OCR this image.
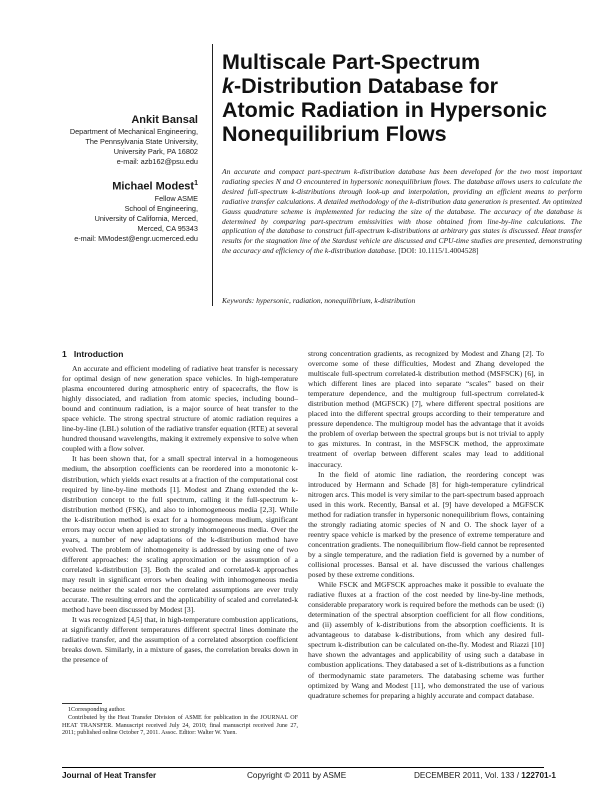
Multiscale Part-Spectrum
k-Distribution Database for
Atomic Radiation in Hypersonic
Nonequilibrium Flows
Ankit Bansal
Department of Mechanical Engineering,
The Pennsylvania State University,
University Park, PA 16802
e-mail: azb162@psu.edu
Michael Modest$^1$
Fellow ASME
School of Engineering,
University of California, Merced,
Merced, CA 95343
e-mail: MModest@engr.ucmerced.edu
An accurate and compact part-spectrum k-distribution database has been developed for the two most important radiating species N and O encountered in hypersonic nonequilibrium flows. The database allows users to calculate the desired full-spectrum k-distributions through look-up and interpolation, providing an efficient means to perform radiative transfer calculations. A detailed methodology of the k-distribution data generation is presented. An optimized Gauss quadrature scheme is implemented for reducing the size of the database. The accuracy of the database is determined by comparing part-spectrum emissivities with those obtained from line-by-line calculations. The application of the database to construct full-spectrum k-distributions at arbitrary gas states is discussed. Heat transfer results for the stagnation line of the Stardust vehicle are discussed and CPU-time studies are presented, demonstrating the accuracy and efficiency of the k-distribution database. [DOI: 10.1115/1.4004528]
Keywords: hypersonic, radiation, nonequilibrium, k-distribution
1 Introduction

An accurate and efficient modeling of radiative heat transfer is necessary for optimal design of new generation space vehicles. In high-temperature plasma encountered during atmospheric entry of spacecrafts, the flow is highly dissociated, and radiation from atomic species, including bound–bound and continuum radiation, is a major source of heat transfer to the space vehicle. The strong spectral structure of atomic radiation requires a line-by-line (LBL) solution of the radiative transfer equation (RTE) at several hundred thousand wavelengths, making it extremely expensive to solve when coupled with a flow solver.

It has been shown that, for a small spectral interval in a homogeneous medium, the absorption coefficients can be reordered into a monotonic k-distribution, which yields exact results at a fraction of the computational cost required by line-by-line methods [1]. Modest and Zhang extended the k-distribution concept to the full spectrum, calling it the full-spectrum k-distribution method (FSK), and also to inhomogeneous media [2,3]. While the k-distribution method is exact for a homogeneous medium, significant errors may occur when applied to strongly inhomogeneous media. Over the years, a number of new adaptations of the k-distribution method have evolved. The problem of inhomogeneity is addressed by using one of two different approaches: the scaling approximation or the assumption of a correlated k-distribution [3]. Both the scaled and correlated-k approaches may result in significant errors when dealing with inhomogeneous media because neither the scaled nor the correlated assumptions are ever truly accurate. The resulting errors and the applicability of scaled and correlated-k method have been discussed by Modest [3].

It was recognized [4,5] that, in high-temperature combustion applications, at significantly different temperatures different spectral lines dominate the radiative transfer, and the assumption of a correlated absorption coefficient breaks down. Similarly, in a mixture of gases, the correlation breaks down in the presence of

strong concentration gradients, as recognized by Modest and Zhang [2]. To overcome some of these difficulties, Modest and Zhang developed the multiscale full-spectrum correlated-k distribution method (MSFSCK) [6], in which different lines are placed into separate “scales” based on their temperature dependence, and the multigroup full-spectrum correlated-k distribution method (MGFSCK) [7], where different spectral positions are placed into the different spectral groups according to their temperature and pressure dependence. The multigroup model has the advantage that it avoids the problem of overlap between the spectral groups but is not trivial to apply to gas mixtures. In contrast, in the MSFSCK method, the approximate treatment of overlap between different scales may lead to additional inaccuracy.

In the field of atomic line radiation, the reordering concept was introduced by Hermann and Schade [8] for high-temperature cylindrical nitrogen arcs. This model is very similar to the part-spectrum based approach used in this work. Recently, Bansal et al. [9] have developed a MGFSCK method for radiation transfer in hypersonic nonequilibrium flows, containing the strongly radiating atomic species of N and O. The shock layer of a reentry space vehicle is marked by the presence of extreme temperature and concentration gradients. The nonequilibrium flow-field cannot be represented by a single temperature, and the radiation field is governed by a number of collisional processes. Bansal et al. have discussed the various challenges posed by these extreme conditions.

While FSCK and MGFSCK approaches make it possible to evaluate the radiative fluxes at a fraction of the cost needed by line-by-line methods, considerable preparatory work is required before the methods can be used: (i) determination of the spectral absorption coefficient for all flow conditions, and (ii) assembly of k-distributions from the absorption coefficients. It is advantageous to database k-distributions, from which any desired full-spectrum k-distribution can be calculated on-the-fly. Modest and Riazzi [10] have shown the advantages and applicability of using such a database in combustion applications. They databased a set of k-distributions as a function of thermodynamic state parameters. The databasing scheme was further optimized by Wang and Modest [11], who demonstrated the use of various quadrature schemes for preparing a highly accurate and compact database.

1Corresponding author.

Contributed by the Heat Transfer Division of ASME for publication in the JOURNAL OF HEAT TRANSFER. Manuscript received July 24, 2010; final manuscript received June 27, 2011; published online October 7, 2011. Assoc. Editor: Walter W. Yuen.

Journal of Heat Transfer	Copyright © 2011 by ASME	DECEMBER 2011, Vol. 133 / 122701-1
